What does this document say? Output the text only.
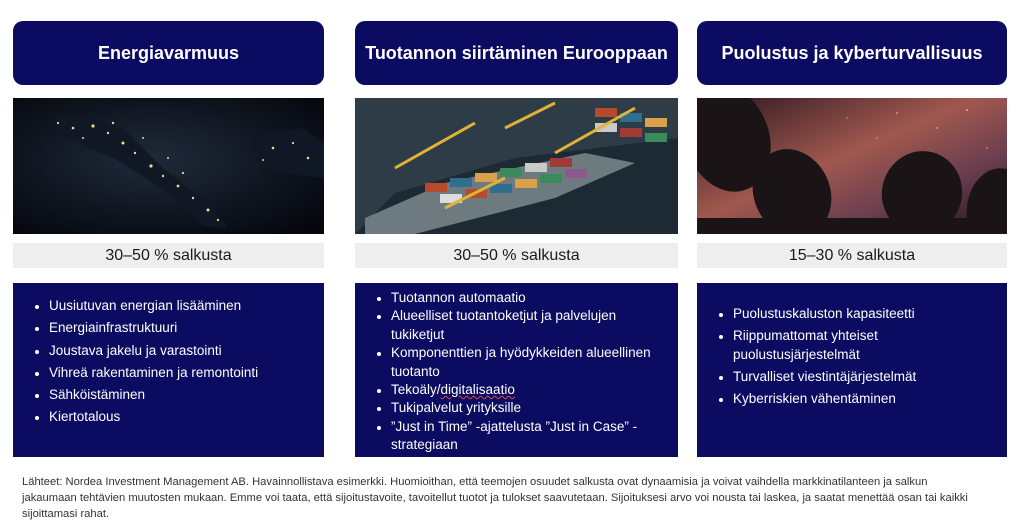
Energiavarmuus
30–50 % salkusta
• Uusiutuvan energian lisääminen
• Energiainfrastruktuuri
• Joustava jakelu ja varastointi
• Vihreä rakentaminen ja remontointi
• Sähköistäminen
• Kiertotalous
Tuotannon siirtäminen Eurooppaan
30–50 % salkusta
• Tuotannon automaatio
• Alueelliset tuotantoketjut ja palvelujen tukiketjut
• Komponenttien ja hyödykkeiden alueellinen tuotanto
• Tekoäly/digitalisaatio
• Tukipalvelut yrityksille
• ”Just in Time” -ajattelusta ”Just in Case” -strategiaan
Puolustus ja kyberturvallisuus
15–30 % salkusta
• Puolustuskaluston kapasiteetti
• Riippumattomat yhteiset puolustusjärjestelmät
• Turvalliset viestintäjärjestelmät
• Kyberriskien vähentäminen
Lähteet: Nordea Investment Management AB. Havainnollistava esimerkki. Huomioithan, että teemojen osuudet salkusta ovat dynaamisia ja voivat vaihdella markkinatilanteen ja salkun jakaumaan tehtävien muutosten mukaan. Emme voi taata, että sijoitustavoite, tavoitellut tuotot ja tulokset saavutetaan. Sijoituksesi arvo voi nousta tai laskea, ja saatat menettää osan tai kaikki sijoittamasi rahat.
